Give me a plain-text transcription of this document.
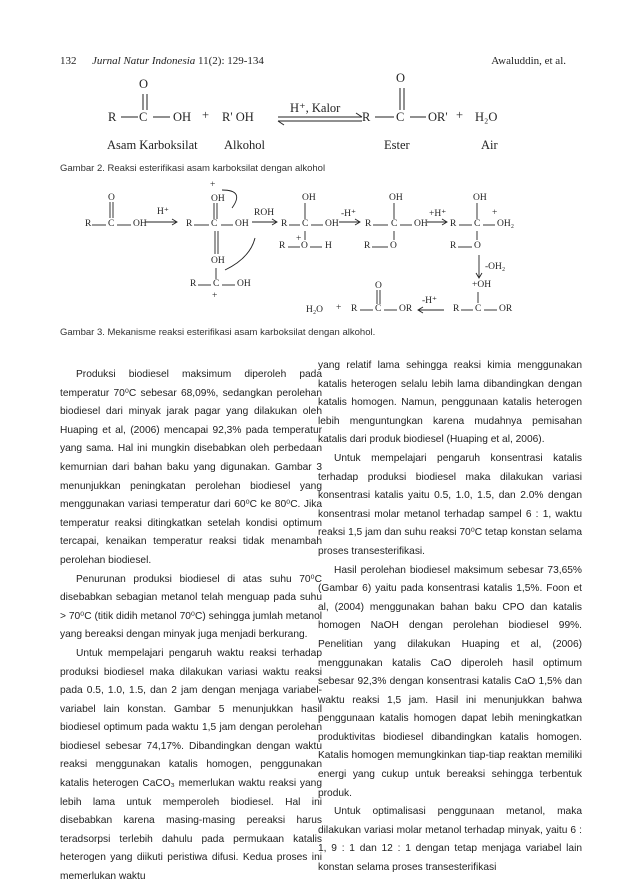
132 Jurnal Natur Indonesia 11(2): 129-134	Awaluddin, et al.
O
R C OH + R' OH
H⁺, Kalor
O
R C OR' + H₂O
Asam Karboksilat Alkohol	Ester	Air
Gambar 2. Reaksi esterifikasi asam karboksilat dengan alkohol
O
R C OH
H⁺
+
OH
R C OH
OH
R C OH
+
ROH
OH
R C OH
+
R O H
-H⁺
OH
R C OH
R O
+H⁺
OH
R C
+
OH₂
R O
-OH₂
+OH
R C OR
-H⁺
O
R C OR
H₂O +
Gambar 3. Mekanisme reaksi esterifikasi asam karboksilat dengan alkohol.

Produksi biodiesel maksimum diperoleh pada temperatur 70⁰C sebesar 68,09%, sedangkan perolehan biodiesel dari minyak jarak pagar yang dilakukan oleh Huaping et al, (2006) mencapai 92,3% pada temperatur yang sama. Hal ini mungkin disebabkan oleh perbedaan kemurnian dari bahan baku yang digunakan. Gambar 3 menunjukkan peningkatan perolehan biodiesel yang menggunakan variasi temperatur dari 60⁰C ke 80⁰C. Jika temperatur reaksi ditingkatkan setelah kondisi optimum tercapai, kenaikan temperatur reaksi tidak menambah perolehan biodiesel.

Penurunan produksi biodiesel di atas suhu 70⁰C disebabkan sebagian metanol telah menguap pada suhu > 70⁰C (titik didih metanol 70⁰C) sehingga jumlah metanol yang bereaksi dengan minyak juga menjadi berkurang.

Untuk mempelajari pengaruh waktu reaksi terhadap produksi biodiesel maka dilakukan variasi waktu reaksi pada 0.5, 1.0, 1.5, dan 2 jam dengan menjaga variabel-variabel lain konstan. Gambar 5 menunjukkan hasil biodiesel optimum pada waktu 1,5 jam dengan perolehan biodiesel sebesar 74,17%. Dibandingkan dengan waktu reaksi menggunakan katalis homogen, penggunakan katalis heterogen CaCO₃ memerlukan waktu reaksi yang lebih lama untuk memperoleh biodiesel. Hal ini disebabkan karena masing-masing pereaksi harus teradsorpsi terlebih dahulu pada permukaan katalis heterogen yang diikuti peristiwa difusi. Kedua proses ini memerlukan waktu

yang relatif lama sehingga reaksi kimia menggunakan katalis heterogen selalu lebih lama dibandingkan dengan katalis homogen. Namun, penggunaan katalis heterogen lebih menguntungkan karena mudahnya pemisahan katalis dari produk biodiesel (Huaping et al, 2006).

Untuk mempelajari pengaruh konsentrasi katalis terhadap produksi biodiesel maka dilakukan variasi konsentrasi katalis yaitu 0.5, 1.0, 1.5, dan 2.0% dengan konsentrasi molar metanol terhadap sampel 6 : 1, waktu reaksi 1,5 jam dan suhu reaksi 70⁰C tetap konstan selama proses transesterifikasi.

Hasil perolehan biodiesel maksimum sebesar 73,65% (Gambar 6) yaitu pada konsentrasi katalis 1,5%. Foon et al, (2004) menggunakan bahan baku CPO dan katalis homogen NaOH dengan perolehan biodiesel 99%. Penelitian yang dilakukan Huaping et al, (2006) menggunakan katalis CaO diperoleh hasil optimum sebesar 92,3% dengan konsentrasi katalis CaO 1,5% dan waktu reaksi 1,5 jam. Hasil ini menunjukkan bahwa penggunaan katalis homogen dapat lebih meningkatkan produktivitas biodiesel dibandingkan katalis homogen. Katalis homogen memungkinkan tiap-tiap reaktan memiliki energi yang cukup untuk bereaksi sehingga terbentuk produk.

Untuk optimalisasi penggunaan metanol, maka dilakukan variasi molar metanol terhadap minyak, yaitu 6 : 1, 9 : 1 dan 12 : 1 dengan tetap menjaga variabel lain konstan selama proses transesterifikasi
